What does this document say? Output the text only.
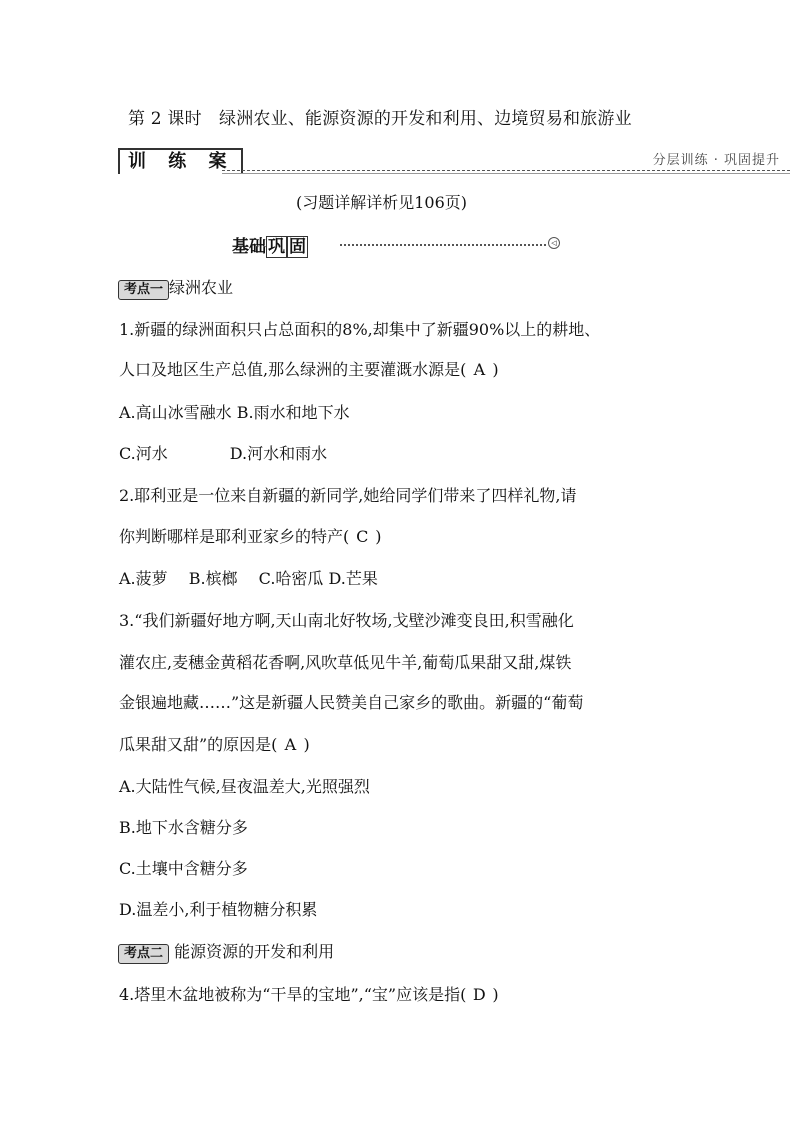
第 2 课时　绿洲农业、能源资源的开发和利用、边境贸易和旅游业
训 练 案	分层训练 · 巩固提升
(习题详解详析见106页)
基础 巩 固	◁
考点一 绿洲农业
1.新疆的绿洲面积只占总面积的8%,却集中了新疆90%以上的耕地、
人口及地区生产总值,那么绿洲的主要灌溉水源是( A )
A.高山冰雪融水 B.雨水和地下水
C.河水	D.河水和雨水
2.耶利亚是一位来自新疆的新同学,她给同学们带来了四样礼物,请
你判断哪样是耶利亚家乡的特产( C )
A.菠萝　 B.槟榔　 C.哈密瓜 D.芒果
3.“我们新疆好地方啊,天山南北好牧场,戈壁沙滩变良田,积雪融化
灌农庄,麦穗金黄稻花香啊,风吹草低见牛羊,葡萄瓜果甜又甜,煤铁
金银遍地藏……”这是新疆人民赞美自己家乡的歌曲。新疆的“葡萄
瓜果甜又甜”的原因是( A )
A.大陆性气候,昼夜温差大,光照强烈
B.地下水含糖分多
C.土壤中含糖分多
D.温差小,利于植物糖分积累
考点二 能源资源的开发和利用
4.塔里木盆地被称为“干旱的宝地”,“宝”应该是指( D )
